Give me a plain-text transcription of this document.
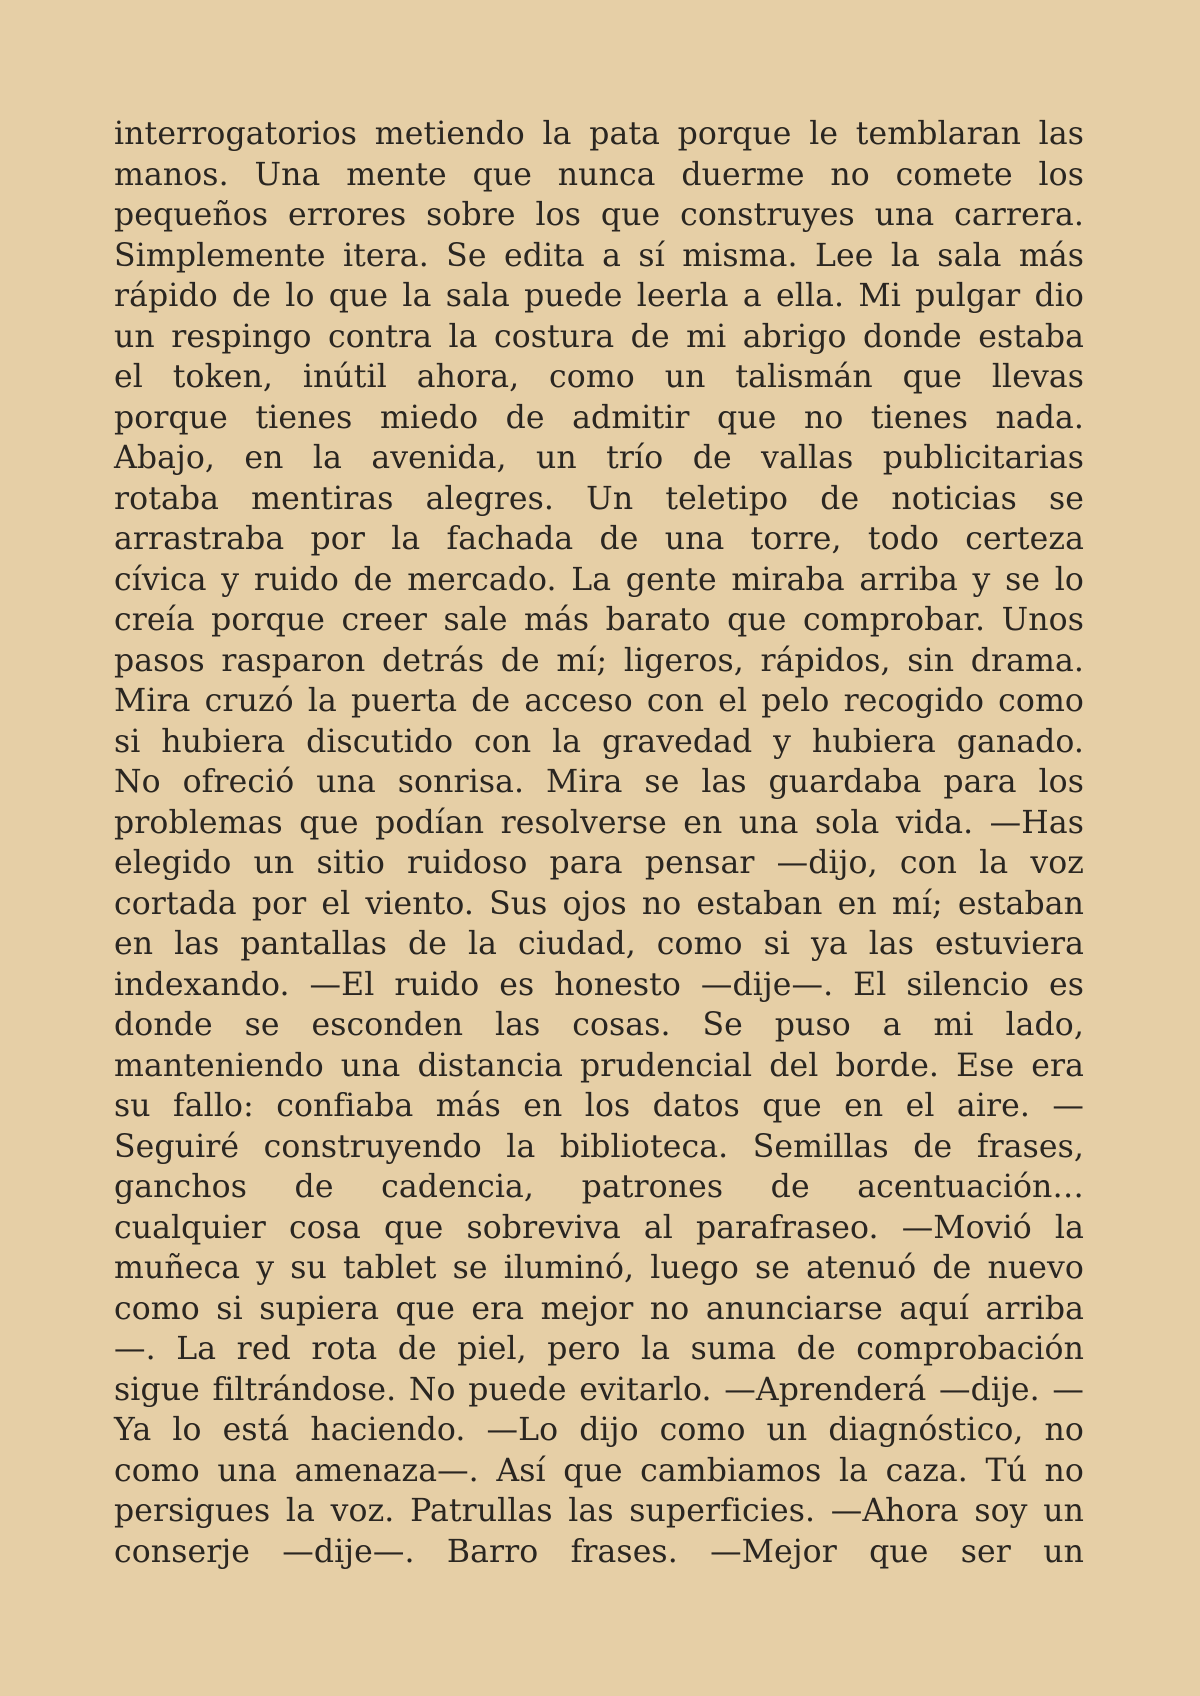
interrogatorios metiendo la pata porque le temblaran las
manos. Una mente que nunca duerme no comete los
pequeños errores sobre los que construyes una carrera.
Simplemente itera. Se edita a sí misma. Lee la sala más
rápido de lo que la sala puede leerla a ella. Mi pulgar dio
un respingo contra la costura de mi abrigo donde estaba
el token, inútil ahora, como un talismán que llevas
porque tienes miedo de admitir que no tienes nada.
Abajo, en la avenida, un trío de vallas publicitarias
rotaba mentiras alegres. Un teletipo de noticias se
arrastraba por la fachada de una torre, todo certeza
cívica y ruido de mercado. La gente miraba arriba y se lo
creía porque creer sale más barato que comprobar. Unos
pasos rasparon detrás de mí; ligeros, rápidos, sin drama.
Mira cruzó la puerta de acceso con el pelo recogido como
si hubiera discutido con la gravedad y hubiera ganado.
No ofreció una sonrisa. Mira se las guardaba para los
problemas que podían resolverse en una sola vida. —Has
elegido un sitio ruidoso para pensar —dijo, con la voz
cortada por el viento. Sus ojos no estaban en mí; estaban
en las pantallas de la ciudad, como si ya las estuviera
indexando. —El ruido es honesto —dije—. El silencio es
donde se esconden las cosas. Se puso a mi lado,
manteniendo una distancia prudencial del borde. Ese era
su fallo: confiaba más en los datos que en el aire. —
Seguiré construyendo la biblioteca. Semillas de frases,
ganchos de cadencia, patrones de acentuación…
cualquier cosa que sobreviva al parafraseo. —Movió la
muñeca y su tablet se iluminó, luego se atenuó de nuevo
como si supiera que era mejor no anunciarse aquí arriba
—. La red rota de piel, pero la suma de comprobación
sigue filtrándose. No puede evitarlo. —Aprenderá —dije. —
Ya lo está haciendo. —Lo dijo como un diagnóstico, no
como una amenaza—. Así que cambiamos la caza. Tú no
persigues la voz. Patrullas las superficies. —Ahora soy un
conserje —dije—. Barro frases. —Mejor que ser un
